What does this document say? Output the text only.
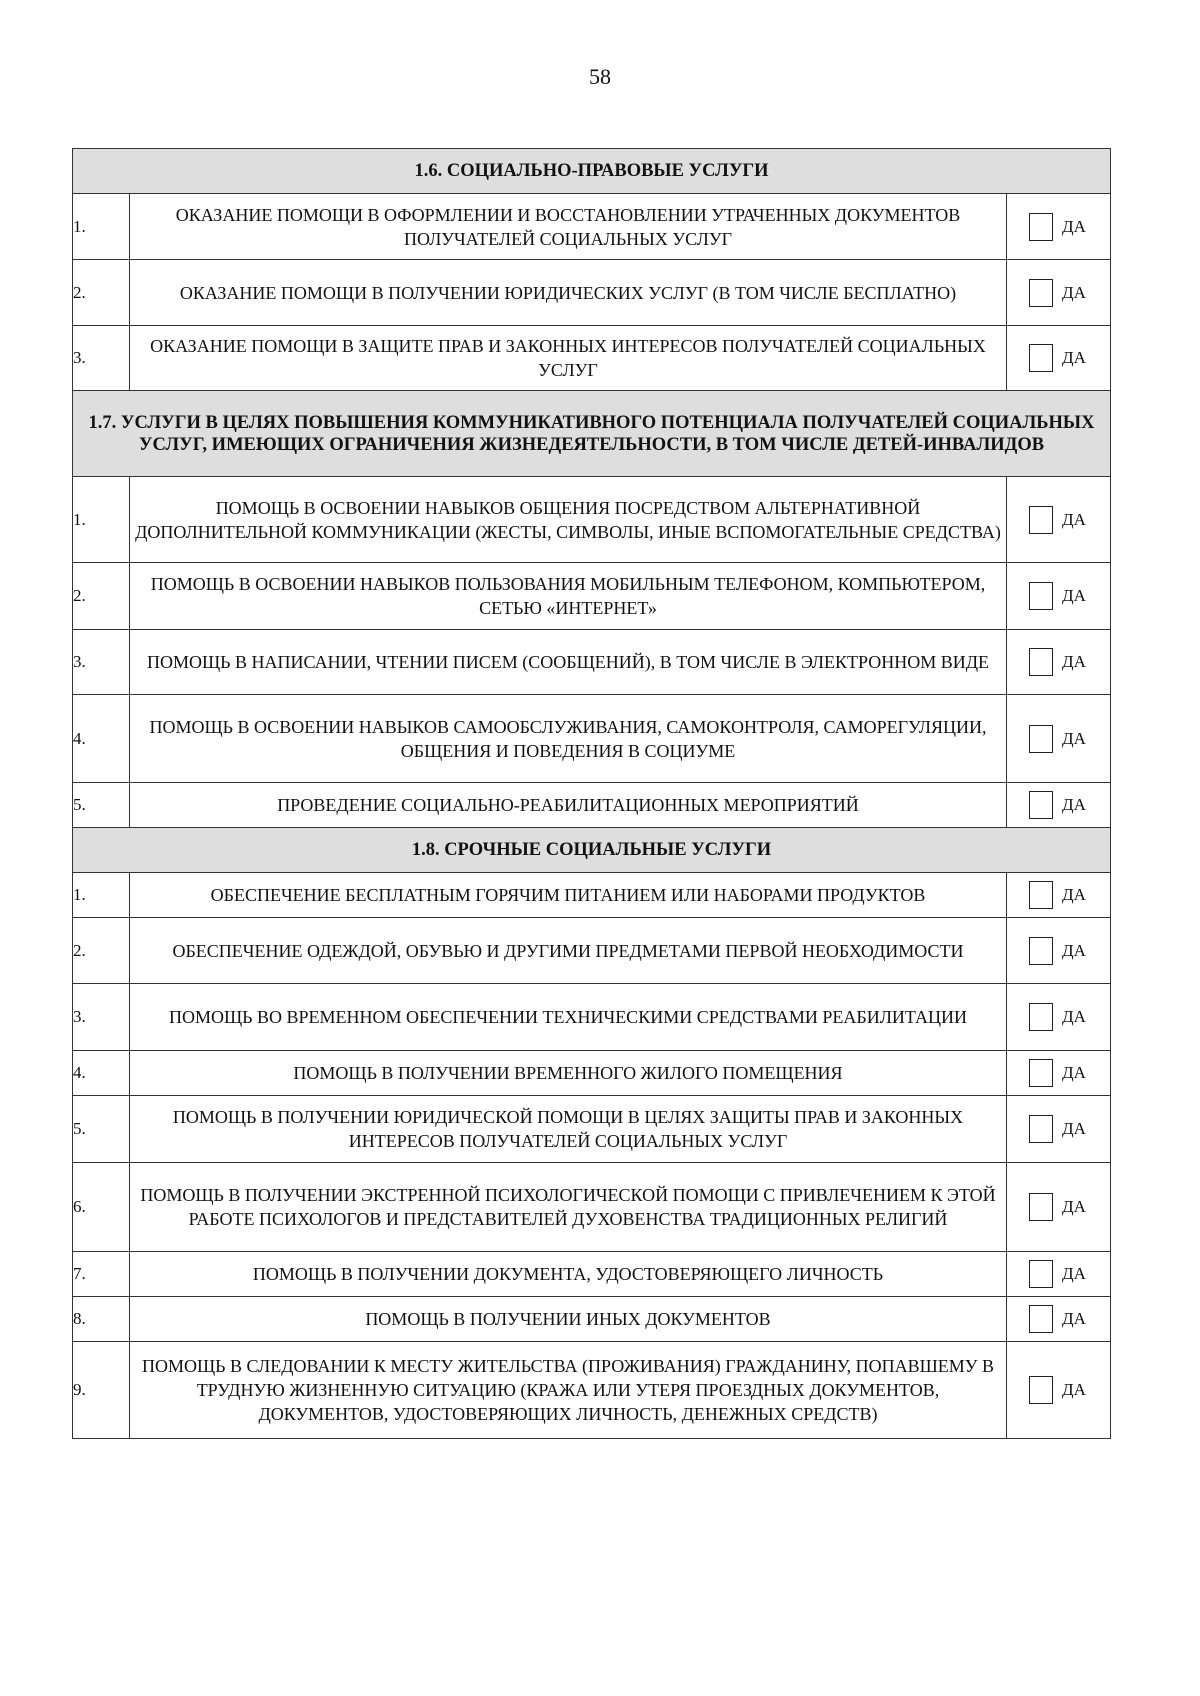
58
1.6. СОЦИАЛЬНО-ПРАВОВЫЕ УСЛУГИ		
1.	ОКАЗАНИЕ ПОМОЩИ В ОФОРМЛЕНИИ И ВОССТАНОВЛЕНИИ УТРАЧЕННЫХ ДОКУМЕНТОВ ПОЛУЧАТЕЛЕЙ СОЦИАЛЬНЫХ УСЛУГ	ДА

2.	ОКАЗАНИЕ ПОМОЩИ В ПОЛУЧЕНИИ ЮРИДИЧЕСКИХ УСЛУГ (В ТОМ ЧИСЛЕ БЕСПЛАТНО)	ДА

3.	ОКАЗАНИЕ ПОМОЩИ В ЗАЩИТЕ ПРАВ И ЗАКОННЫХ ИНТЕРЕСОВ ПОЛУЧАТЕЛЕЙ СОЦИАЛЬНЫХ УСЛУГ	ДА

1.7. УСЛУГИ В ЦЕЛЯХ ПОВЫШЕНИЯ КОММУНИКАТИВНОГО ПОТЕНЦИАЛА ПОЛУЧАТЕЛЕЙ СОЦИАЛЬНЫХ УСЛУГ, ИМЕЮЩИХ ОГРАНИЧЕНИЯ ЖИЗНЕДЕЯТЕЛЬНОСТИ, В ТОМ ЧИСЛЕ ДЕТЕЙ-ИНВАЛИДОВ		
1.	ПОМОЩЬ В ОСВОЕНИИ НАВЫКОВ ОБЩЕНИЯ ПОСРЕДСТВОМ АЛЬТЕРНАТИВНОЙ ДОПОЛНИТЕЛЬНОЙ КОММУНИКАЦИИ (ЖЕСТЫ, СИМВОЛЫ, ИНЫЕ ВСПОМОГАТЕЛЬНЫЕ СРЕДСТВА)	ДА

2.	ПОМОЩЬ В ОСВОЕНИИ НАВЫКОВ ПОЛЬЗОВАНИЯ МОБИЛЬНЫМ ТЕЛЕФОНОМ, КОМПЬЮТЕРОМ, СЕТЬЮ «ИНТЕРНЕТ»	ДА

3.	ПОМОЩЬ В НАПИСАНИИ, ЧТЕНИИ ПИСЕМ (СООБЩЕНИЙ), В ТОМ ЧИСЛЕ В ЭЛЕКТРОННОМ ВИДЕ	ДА

4.	ПОМОЩЬ В ОСВОЕНИИ НАВЫКОВ САМООБСЛУЖИВАНИЯ, САМОКОНТРОЛЯ, САМОРЕГУЛЯЦИИ, ОБЩЕНИЯ И ПОВЕДЕНИЯ В СОЦИУМЕ	ДА

5.	ПРОВЕДЕНИЕ СОЦИАЛЬНО-РЕАБИЛИТАЦИОННЫХ МЕРОПРИЯТИЙ	ДА

1.8. СРОЧНЫЕ СОЦИАЛЬНЫЕ УСЛУГИ		
1.	ОБЕСПЕЧЕНИЕ БЕСПЛАТНЫМ ГОРЯЧИМ ПИТАНИЕМ ИЛИ НАБОРАМИ ПРОДУКТОВ	ДА

2.	ОБЕСПЕЧЕНИЕ ОДЕЖДОЙ, ОБУВЬЮ И ДРУГИМИ ПРЕДМЕТАМИ ПЕРВОЙ НЕОБХОДИМОСТИ	ДА

3.	ПОМОЩЬ ВО ВРЕМЕННОМ ОБЕСПЕЧЕНИИ ТЕХНИЧЕСКИМИ СРЕДСТВАМИ РЕАБИЛИТАЦИИ	ДА

4.	ПОМОЩЬ В ПОЛУЧЕНИИ ВРЕМЕННОГО ЖИЛОГО ПОМЕЩЕНИЯ	ДА

5.	ПОМОЩЬ В ПОЛУЧЕНИИ ЮРИДИЧЕСКОЙ ПОМОЩИ В ЦЕЛЯХ ЗАЩИТЫ ПРАВ И ЗАКОННЫХ ИНТЕРЕСОВ ПОЛУЧАТЕЛЕЙ СОЦИАЛЬНЫХ УСЛУГ	ДА

6.	ПОМОЩЬ В ПОЛУЧЕНИИ ЭКСТРЕННОЙ ПСИХОЛОГИЧЕСКОЙ ПОМОЩИ С ПРИВЛЕЧЕНИЕМ К ЭТОЙ РАБОТЕ ПСИХОЛОГОВ И ПРЕДСТАВИТЕЛЕЙ ДУХОВЕНСТВА ТРАДИЦИОННЫХ РЕЛИГИЙ	ДА

7.	ПОМОЩЬ В ПОЛУЧЕНИИ ДОКУМЕНТА, УДОСТОВЕРЯЮЩЕГО ЛИЧНОСТЬ	ДА

8.	ПОМОЩЬ В ПОЛУЧЕНИИ ИНЫХ ДОКУМЕНТОВ	ДА

9.	ПОМОЩЬ В СЛЕДОВАНИИ К МЕСТУ ЖИТЕЛЬСТВА (ПРОЖИВАНИЯ) ГРАЖДАНИНУ, ПОПАВШЕМУ В ТРУДНУЮ ЖИЗНЕННУЮ СИТУАЦИЮ (КРАЖА ИЛИ УТЕРЯ ПРОЕЗДНЫХ ДОКУМЕНТОВ, ДОКУМЕНТОВ, УДОСТОВЕРЯЮЩИХ ЛИЧНОСТЬ, ДЕНЕЖНЫХ СРЕДСТВ)	ДА
